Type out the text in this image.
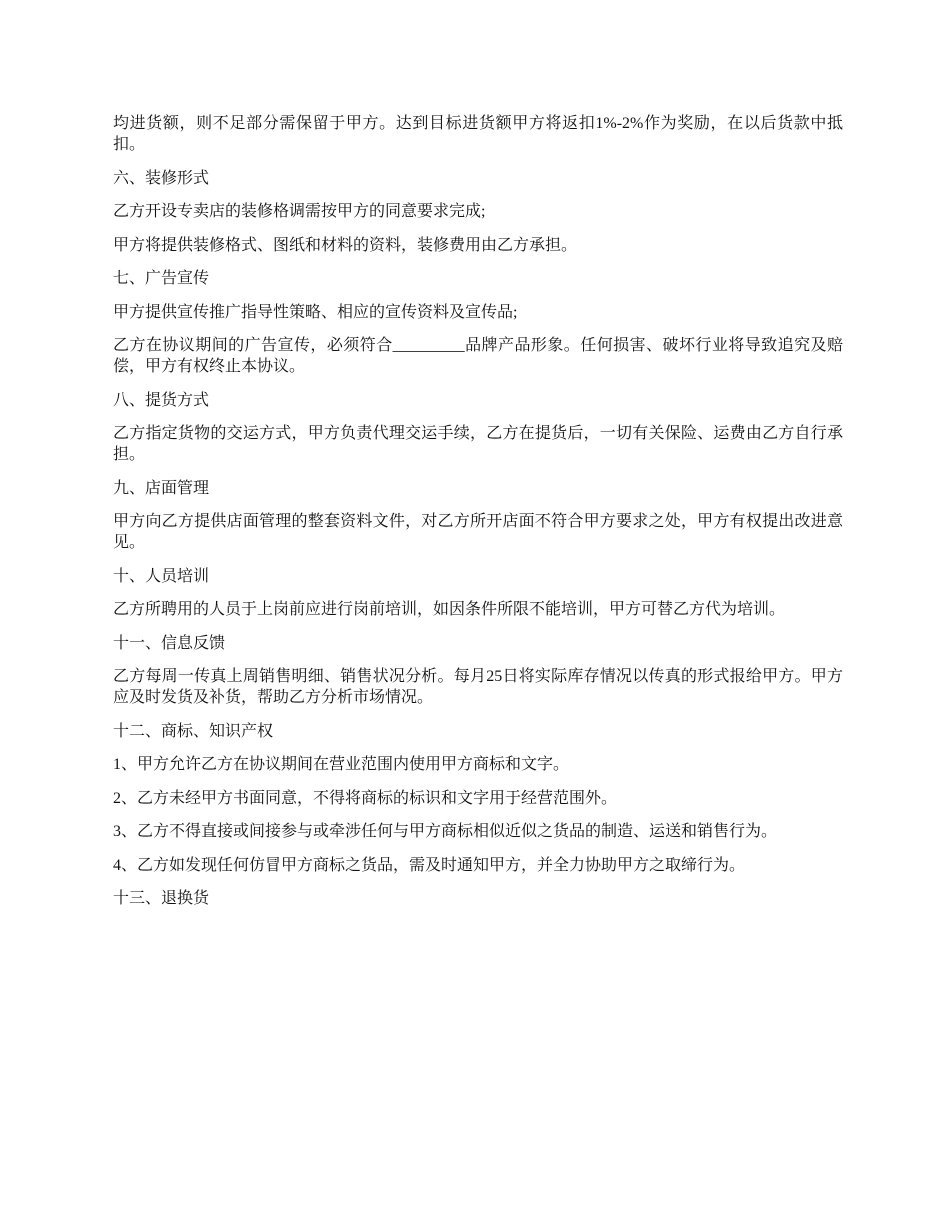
均进货额，则不足部分需保留于甲方。达到目标进货额甲方将返扣1%-2%作为奖励，在以后货款中抵扣。

六、装修形式

乙方开设专卖店的装修格调需按甲方的同意要求完成;

甲方将提供装修格式、图纸和材料的资料，装修费用由乙方承担。

七、广告宣传

甲方提供宣传推广指导性策略、相应的宣传资料及宣传品;

乙方在协议期间的广告宣传，必须符合_________品牌产品形象。任何损害、破坏行业将导致追究及赔偿，甲方有权终止本协议。

八、提货方式

乙方指定货物的交运方式，甲方负责代理交运手续，乙方在提货后，一切有关保险、运费由乙方自行承担。

九、店面管理

甲方向乙方提供店面管理的整套资料文件，对乙方所开店面不符合甲方要求之处，甲方有权提出改进意见。

十、人员培训

乙方所聘用的人员于上岗前应进行岗前培训，如因条件所限不能培训，甲方可替乙方代为培训。

十一、信息反馈

乙方每周一传真上周销售明细、销售状况分析。每月25日将实际库存情况以传真的形式报给甲方。甲方应及时发货及补货，帮助乙方分析市场情况。

十二、商标、知识产权

1、甲方允许乙方在协议期间在营业范围内使用甲方商标和文字。

2、乙方未经甲方书面同意，不得将商标的标识和文字用于经营范围外。

3、乙方不得直接或间接参与或牵涉任何与甲方商标相似近似之货品的制造、运送和销售行为。

4、乙方如发现任何仿冒甲方商标之货品，需及时通知甲方，并全力协助甲方之取缔行为。

十三、退换货
